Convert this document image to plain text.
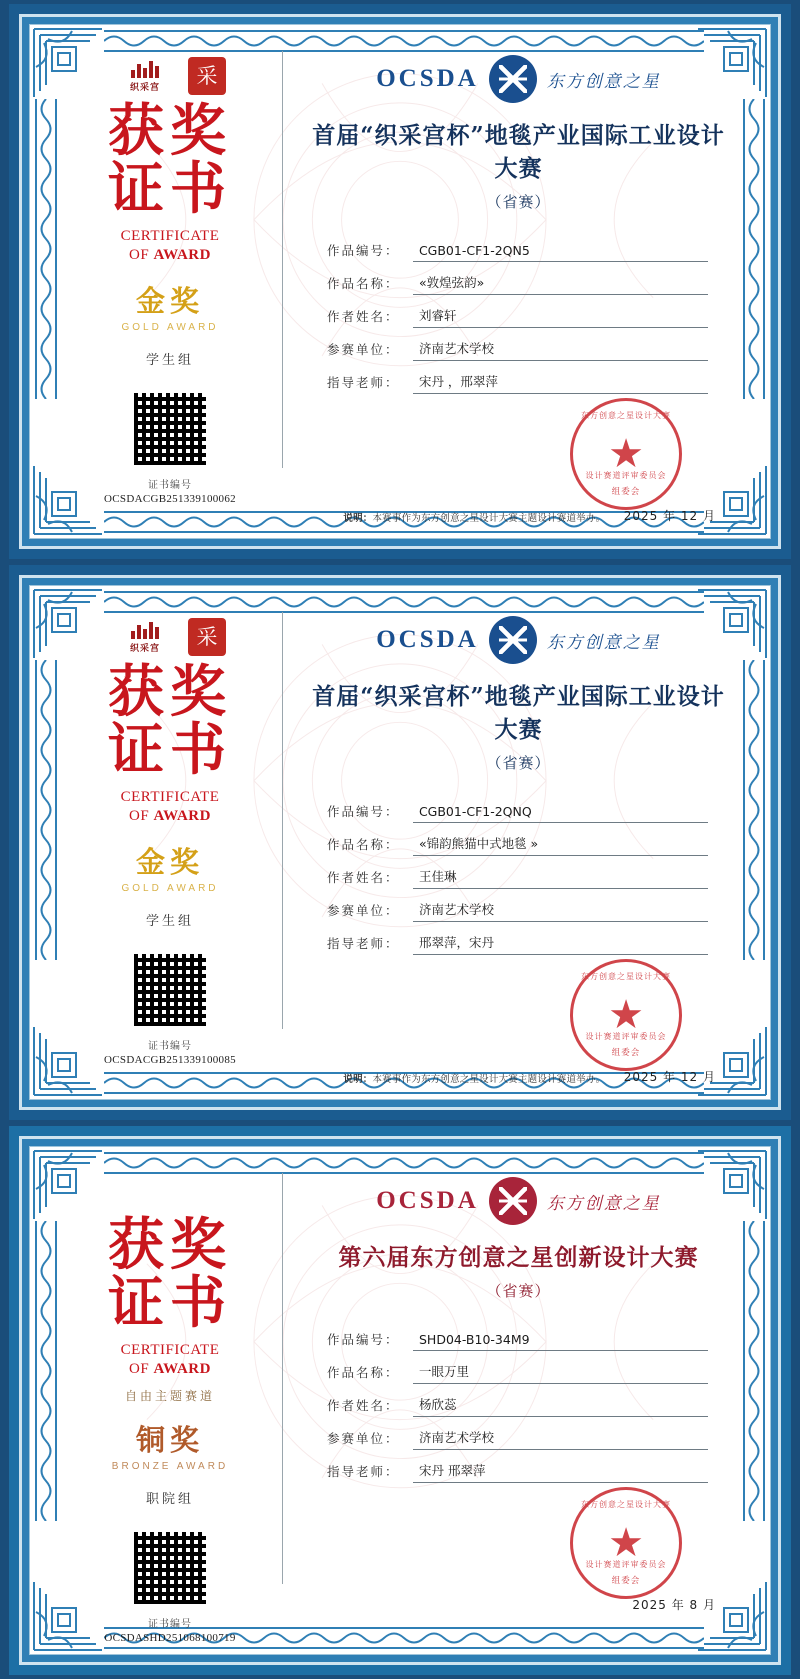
织采宫	采
获奖
证书
CERTIFICATE
OF AWARD
金奖
GOLD AWARD
学生组
证书编号
OCSDACGB251339100062
OCSDA	东方创意之星
首届“织采宫杯”地毯产业国际工业设计大赛
（省赛）
作品编号：	CGB01-CF1-2QN5
作品名称：	«敦煌弦韵»
作者姓名：	刘睿轩
参赛单位：	济南艺术学校
指导老师：	宋丹 ，邢翠萍
说明：本赛事作为东方创意之星设计大赛主题设计赛道举办。	2025 年 12 月
东方创意之星设计大赛
★
设计赛道评审委员会
组委会
织采宫	采
获奖
证书
CERTIFICATE
OF AWARD
金奖
GOLD AWARD
学生组
证书编号
OCSDACGB251339100085
OCSDA	东方创意之星
首届“织采宫杯”地毯产业国际工业设计大赛
（省赛）
作品编号：	CGB01-CF1-2QNQ
作品名称：	«锦韵熊猫中式地毯 »
作者姓名：	王佳琳
参赛单位：	济南艺术学校
指导老师：	邢翠萍，宋丹
说明：本赛事作为东方创意之星设计大赛主题设计赛道举办。	2025 年 12 月
东方创意之星设计大赛
★
设计赛道评审委员会
组委会
获奖
证书
CERTIFICATE
OF AWARD
自由主题赛道
铜奖
BRONZE AWARD
职院组
证书编号
OCSDASHD251068100719
OCSDA	东方创意之星
第六届东方创意之星创新设计大赛
（省赛）
作品编号：	SHD04-B10-34M9
作品名称：	一眼万里
作者姓名：	杨欣蕊
参赛单位：	济南艺术学校
指导老师：	宋丹 邢翠萍
2025 年 8 月
东方创意之星设计大赛
★
设计赛道评审委员会
组委会
